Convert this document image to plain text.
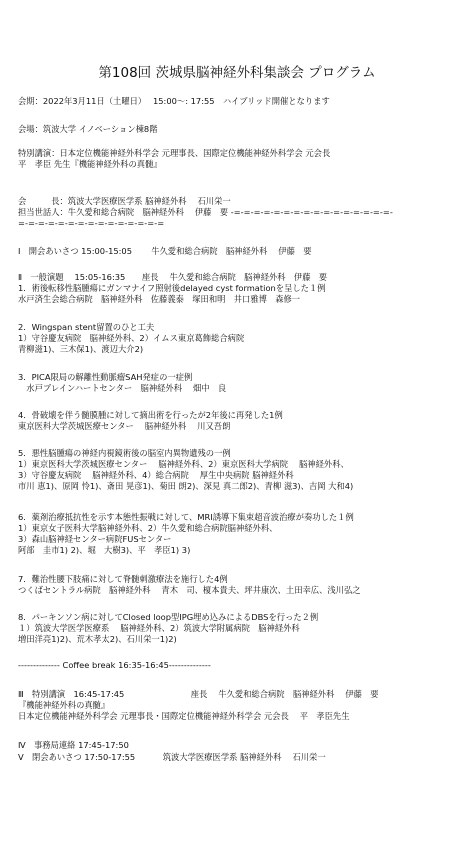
第108回 茨城県脳神経外科集談会 プログラム
会期：2022年3月11日（土曜日）　 15:00～: 17:55　ハイブリッド開催となります
会場：筑波大学 イノベーション棟8階
特別講演：日本定位機能神経外科学会 元理事長、国際定位機能神経外科学会 元会長
平　孝臣 先生『機能神経外科の真髄』
会　　　長：筑波大学医療医学系 脳神経外科　 石川栄一
担当世話人：牛久愛和総合病院　脳神経外科　 伊藤　要 -=-=-=-=-=-=-=-=-=-=-=-=-=-=-=-=-
=-=-=-=-=-=-=-=-=-=-=-=-=-=-=
Ⅰ　開会あいさつ 15:00-15:05　　 牛久愛和総合病院　脳神経外科　 伊藤　要
Ⅱ　一般演題　 15:05-16:35　　座長　 牛久愛和総合病院　脳神経外科　伊藤　要
1．術後転移性脳腫瘍にガンマナイフ照射後delayed cyst formationを呈した１例
水戸済生会総合病院　脳神経外科　佐藤義泰　塚田和明　井口雅博　森修一
2．Wingspan stent留置のひと工夫
1）守谷慶友病院　脳神経外科、2）イムス東京葛飾総合病院
青柳滋1)、三木保1)、渡辺大介2)
3．PICA限局の解離性動脈瘤SAH発症の一症例
　水戸ブレインハートセンター　脳神経外科　 畑中　良
4．骨破壊を伴う髄膜腫に対して摘出術を行ったが2年後に再発した1例
東京医科大学茨城医療センター　 脳神経外科　 川又吾朗
5．悪性脳腫瘍の神経内視鏡術後の脳室内異物遺残の一例
1）東京医科大学茨城医療センター　 脳神経外科、2）東京医科大学病院　 脳神経外科、
3）守谷慶友病院　 脳神経外科、4）総合病院　 厚生中央病院 脳神経外科
市川 恵1)、原岡 怜1)、斎田 晃彦1)、菊田 朗2)、深見 真二郎2)、青柳 滋3)、吉岡 大和4)
6．薬剤治療抵抗性を示す本態性振戦に対して、MRI誘導下集束超音波治療が奏功した１例
1）東京女子医科大学脳神経外科、2）牛久愛和総合病院脳神経外科、
3）森山脳神経センター病院FUSセンター
阿部　圭市1) 2)、堀　大樹3)、平　孝臣1) 3)
7．難治性腰下肢痛に対して脊髄刺激療法を施行した4例
つくばセントラル病院　脳神経外科　 青木　司、榎本貴夫、坪井康次、土田幸広、浅川弘之
8．パーキンソン病に対してClosed loop型IPG埋め込みによるDBSを行った２例
１）筑波大学医学医療系　 脳神経外科、2）筑波大学附属病院　脳神経外科
増田洋亮1)2)、荒木孝太2)、石川栄一1)2)
-------------- Coffee break 16:35-16:45--------------
Ⅲ　特別講演　16:45-17:45　　　　　　　　座長　 牛久愛和総合病院　脳神経外科　 伊藤　要
『機能神経外科の真髄』
日本定位機能神経外科学会 元理事長・国際定位機能神経外科学会 元会長　 平　孝臣先生
Ⅳ　事務局連絡 17:45-17:50
Ⅴ　閉会あいさつ 17:50-17:55　　　 筑波大学医療医学系 脳神経外科　 石川栄一
